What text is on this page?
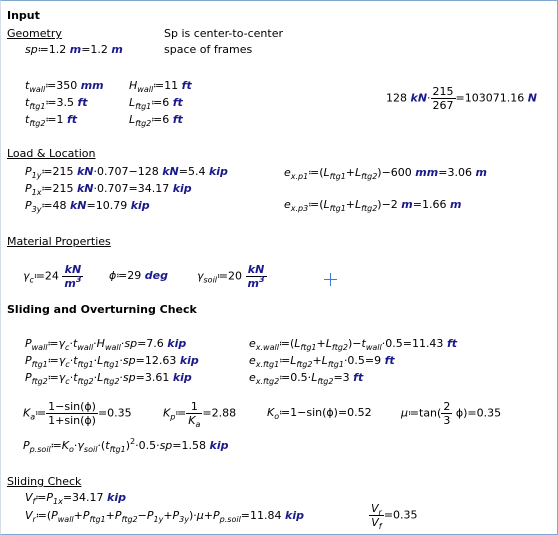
Input
Geometry
sp≔1.2 m=1.2 m
Sp is center-to-center
space of frames
$t_{wall}≔350$ mm $H_{wall}≔11$ ft
$t_{ftg1}≔3.5$ ft	$L_{ftg1}≔6$ ft
$t_{ftg2}≔1$ ft	$L_{ftg2}≔6$ ft
128 $kN\cdot \frac{215}{267} =103071.16$ N
Load & Location
$P_{1y}≔215$ kN·0.707−128 kN=5.4 kip
$P_{1x}≔215$ kN·0.707=34.17 kip
$P_{3y}≔48$ kN=10.79 kip
$e_{x.p1}≔(L_{ftg1}+L_{ftg2})-600$ mm=3.06 m
$e_{x.p3}≔(L_{ftg1}+L_{ftg2})-2$ m=1.66 m
Material Properties
$\gamma_c≔24 \frac{kN}{m^3}$ ϕ≔29 deg	$\gamma_{soil}≔20 \frac{kN}{m^3}$
Sliding and Overturning Check
$P_{wall}≔\gamma_c\cdot t_{wall}\cdot H_{wall}\cdot sp=7.6$ kip
$P_{ftg1}≔\gamma_c\cdot t_{ftg1}\cdot L_{ftg1}\cdot sp=12.63$ kip
$P_{ftg2}≔\gamma_c\cdot t_{ftg2}\cdot L_{ftg2}\cdot sp=3.61$ kip
$e_{x.wall}≔(L_{ftg1}+L_{ftg2})-t_{wall}\cdot 0.5=11.43$ ft
$e_{x.ftg1}≔L_{ftg2}+L_{ftg1}\cdot 0.5=9$ ft
$e_{x.ftg2}≔0.5\cdot L_{ftg2}=3$ ft
$K_a≔ \frac{1-\sin(\phi)}{1+\sin(\phi)} =0.35$	$K_p≔ \frac{1}{K_a} =2.88$	$K_o≔1-\sin(\phi)=0.52$	μ≔tan( $\frac{2}{3} \phi)=0.35$
$P_{p.soil}≔K_o\cdot\gamma_{soil}\cdot(t_{ftg1})^2\cdot 0.5\cdot sp=1.58$ kip
Sliding Check
$V_f≔P_{1x}=34.17$ kip
$V_r≔(P_{wall}+P_{ftg1}+P_{ftg2}-P_{1y}+P_{3y})\cdot\mu+P_{p.soil}=11.84$ kip	$\frac{V_r}{V_f} =0.35$
